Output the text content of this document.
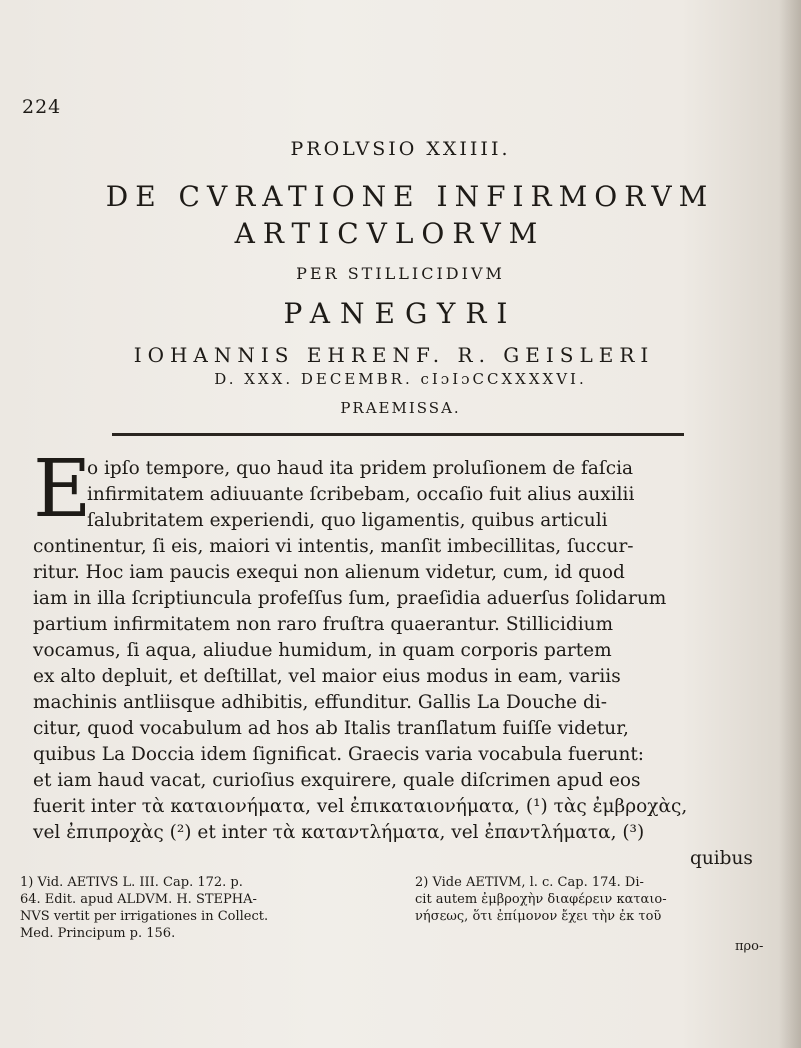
224
PROLVSIO XXIIII.
DE CVRATIONE INFIRMORVM
ARTICVLORVM
PER STILLICIDIVM
PANEGYRI
IOHANNIS EHRENF. R. GEISLERI
D. XXX. DECEMBR. cIɔIɔCCXXXXVI.
PRAEMISSA.
E
o ipſo tempore, quo haud ita pridem proluſionem de faſcia
infirmitatem adiuuante ſcribebam, occaſio fuit alius auxilii
ſalubritatem experiendi, quo ligamentis, quibus articuli
continentur, ſi eis, maiori vi intentis, manſit imbecillitas, ſuccur-
ritur. Hoc iam paucis exequi non alienum videtur, cum, id quod
iam in illa ſcriptiuncula profeſſus ſum, praeſidia aduerſus ſolidarum
partium infirmitatem non raro fruſtra quaerantur. Stillicidium
vocamus, ſi aqua, aliudue humidum, in quam corporis partem
ex alto depluit, et deſtillat, vel maior eius modus in eam, variis
machinis antliisque adhibitis, effunditur. Gallis La Douche di-
citur, quod vocabulum ad hos ab Italis tranſlatum fuiſſe videtur,
quibus La Doccia idem ſignificat. Graecis varia vocabula fuerunt:
et iam haud vacat, curioſius exquirere, quale diſcrimen apud eos
fuerit inter τὰ καταιονήματα, vel ἐπικαταιονήματα, (¹) τὰς ἐμβροχὰς,
vel ἐπιπροχὰς (²) et inter τὰ καταντλήματα, vel ἐπαντλήματα, (³)
quibus
1) Vid. AETIVS L. III. Cap. 172. p.
64. Edit. apud ALDVM. H. STEPHA-
NVS vertit per irrigationes in Collect.
Med. Principum p. 156.
2) Vide AETIVM, l. c. Cap. 174. Di-
cit autem ἐμβροχὴν διαφέρειν καταιο-
νήσεως, ὅτι ἐπίμονον ἔχει τὴν ἐκ τοῦ
πρo-
